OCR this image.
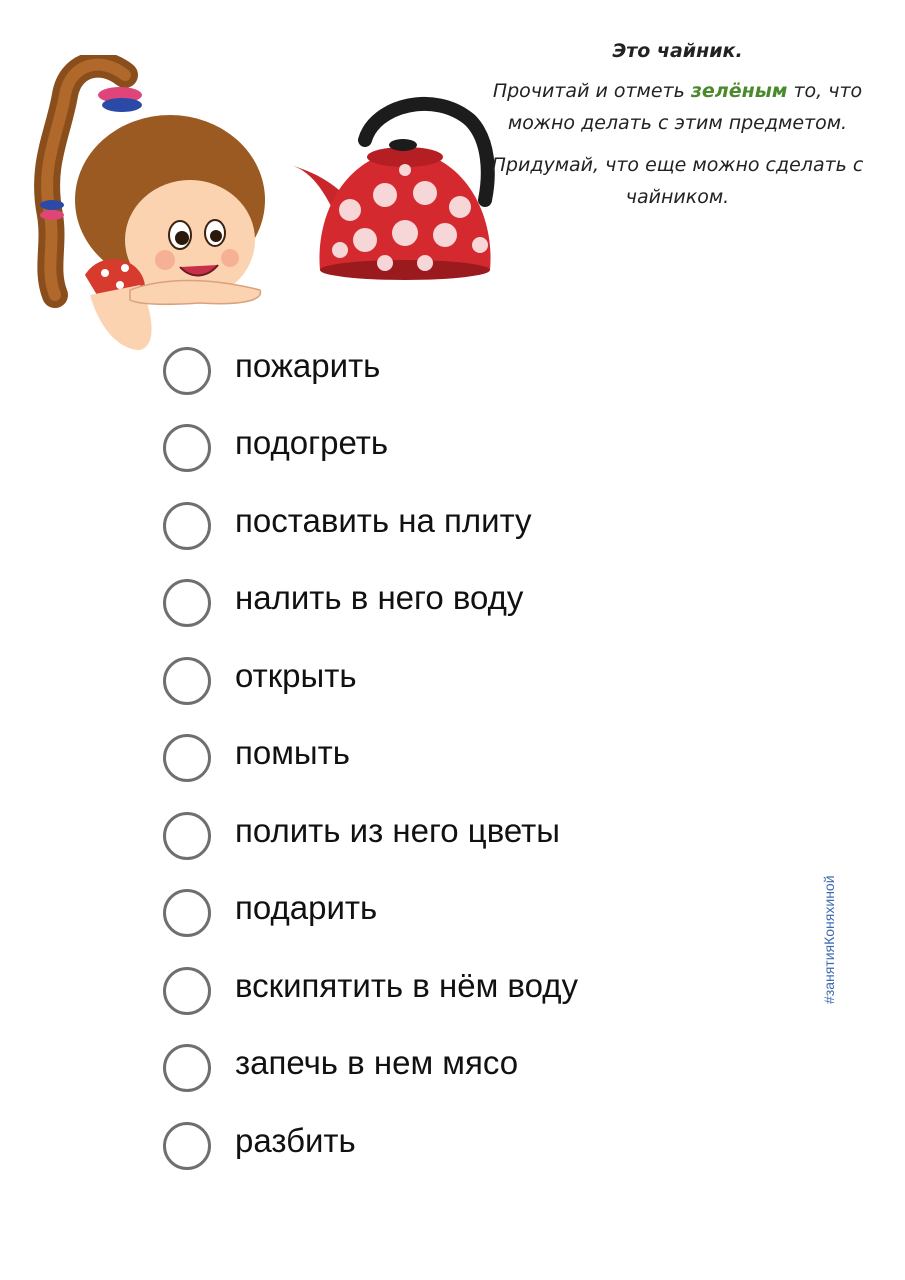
Это чайник.

Прочитай и отметь зелёным то, что можно делать с этим предметом.

Придумай, что еще можно сделать с чайником.

пожарить
подогреть
поставить на плиту
налить в него воду
открыть
помыть
полить из него цветы
подарить
вскипятить в нём воду
запечь в нем мясо
разбить
#занятияКоняхиной
